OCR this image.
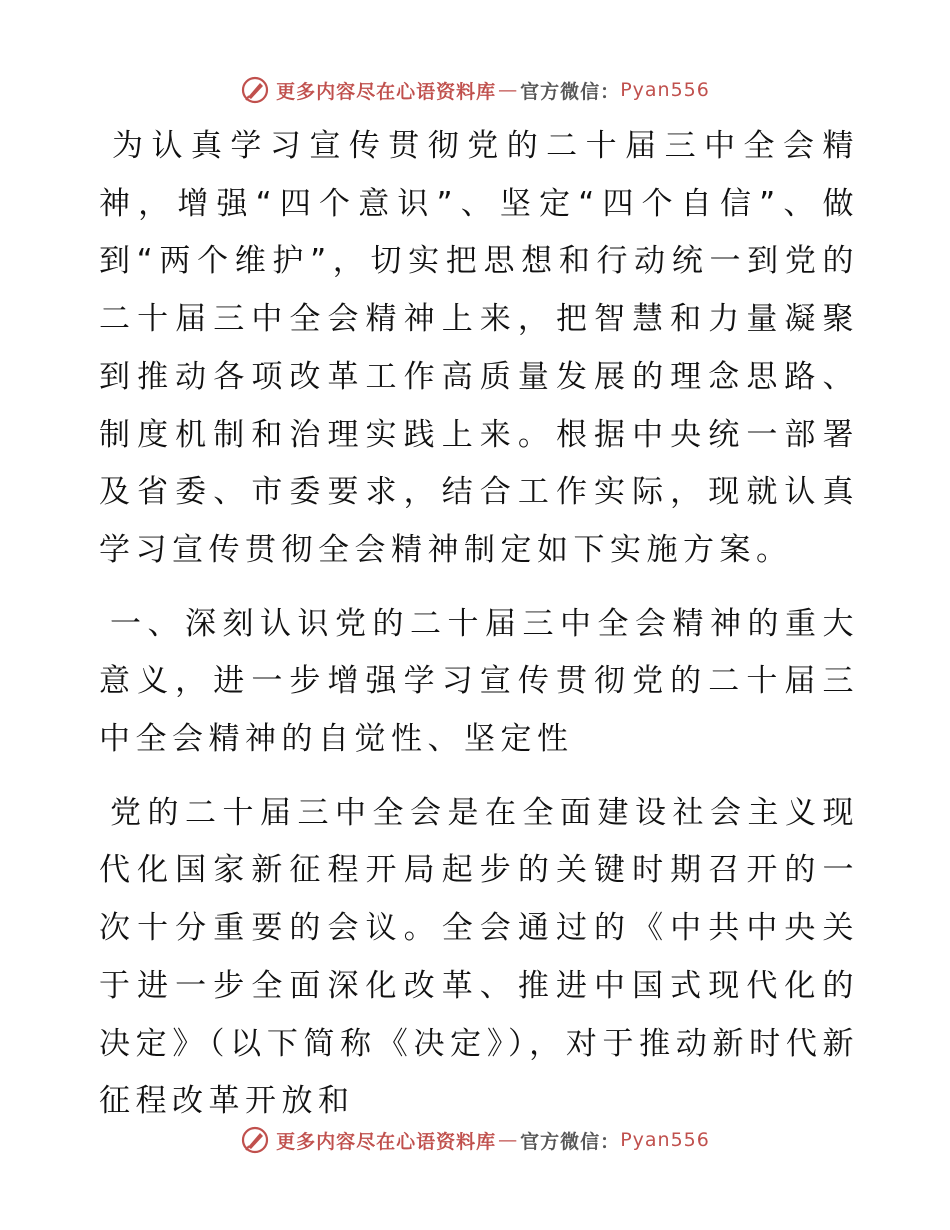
更多内容尽在心语资料库 — 官方微信： Pyan556

为认真学习宣传贯彻党的二十届三中全会精神，增强“四个意识”、坚定“四个自信”、做到“两个维护”，切实把思想和行动统一到党的二十届三中全会精神上来，把智慧和力量凝聚到推动各项改革工作高质量发展的理念思路、制度机制和治理实践上来。根据中央统一部署及省委、市委要求，结合工作实际，现就认真学习宣传贯彻全会精神制定如下实施方案。

一、深刻认识党的二十届三中全会精神的重大意义，进一步增强学习宣传贯彻党的二十届三中全会精神的自觉性、坚定性

党的二十届三中全会是在全面建设社会主义现代化国家新征程开局起步的关键时期召开的一次十分重要的会议。全会通过的《中共中央关于进一步全面深化改革、推进中国式现代化的决定》（以下简称《决定》），对于推动新时代新征程改革开放和

更多内容尽在心语资料库 — 官方微信： Pyan556
